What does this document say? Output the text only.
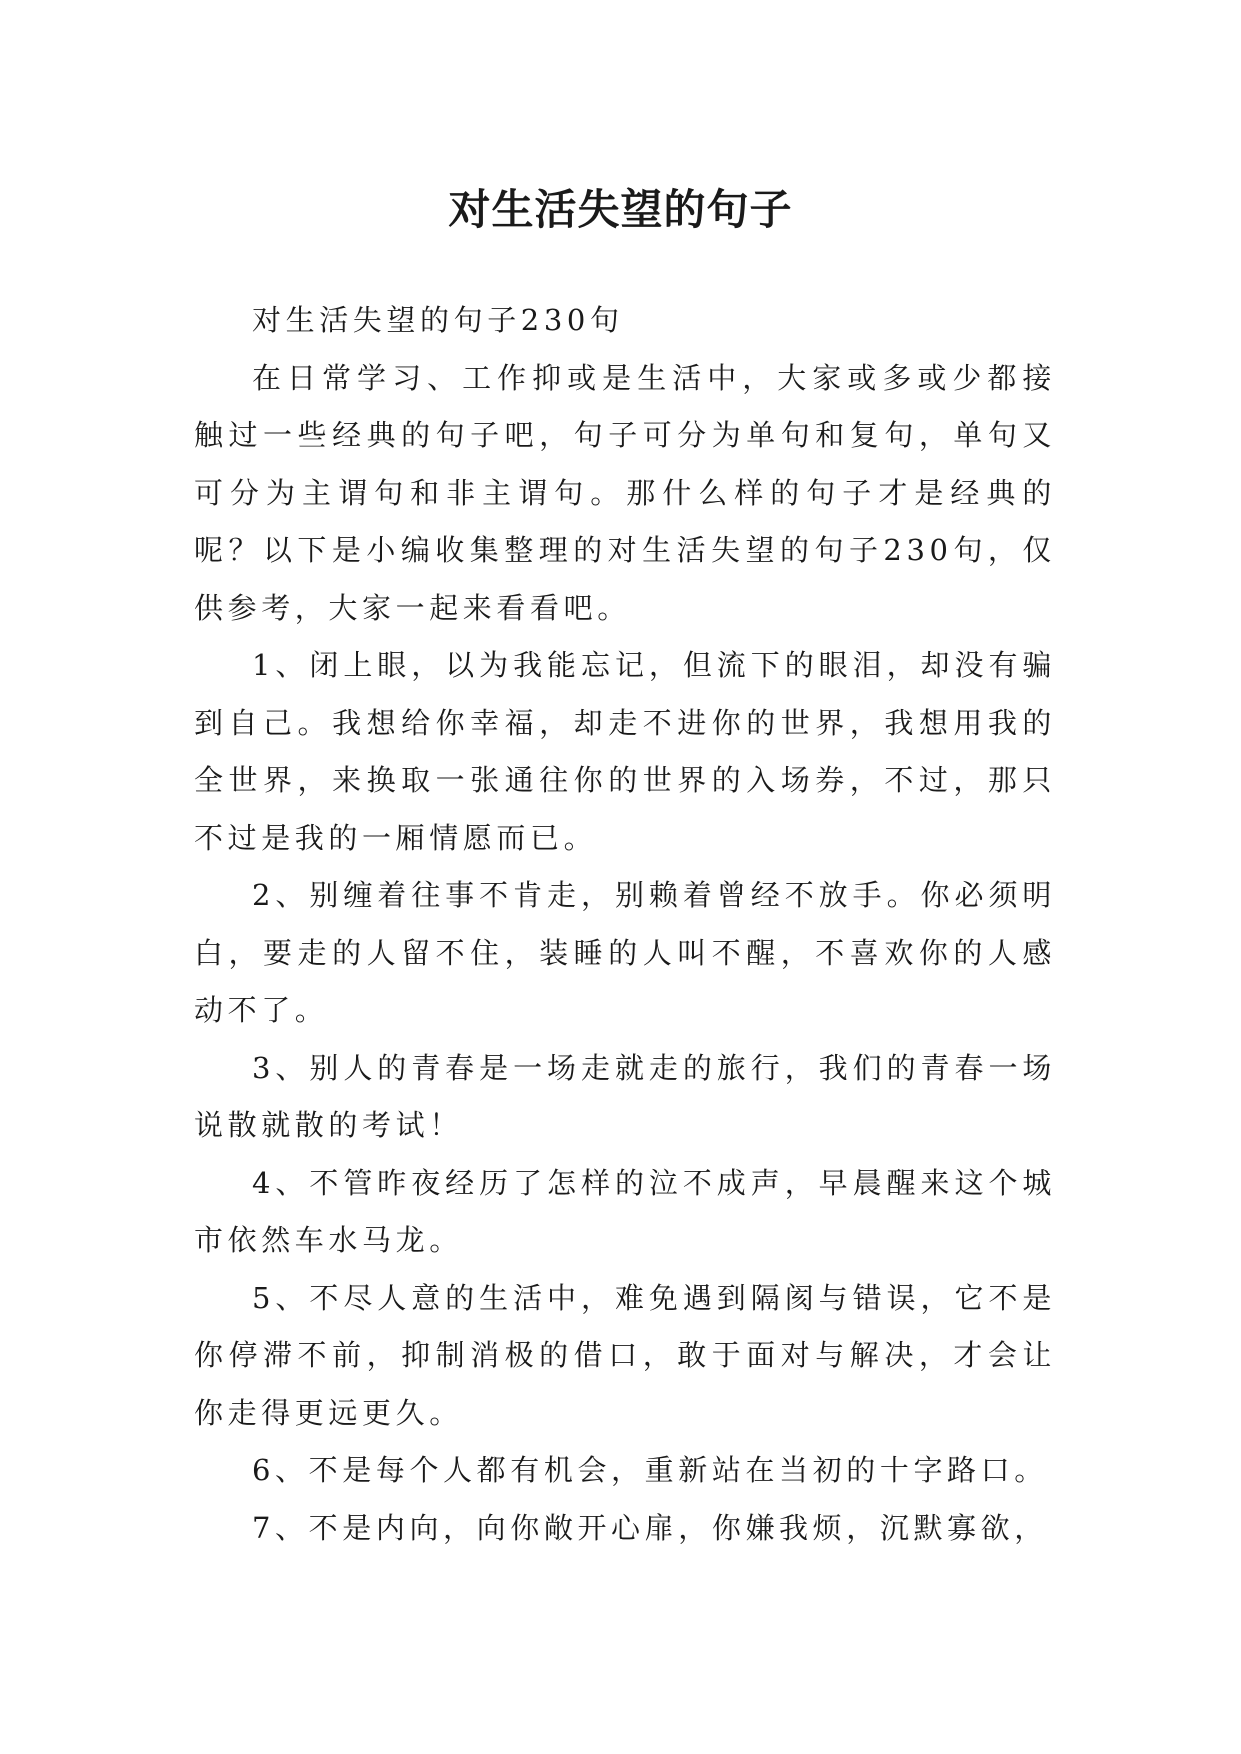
对生活失望的句子

对生活失望的句子230句

在日常学习、工作抑或是生活中，大家或多或少都接触过一些经典的句子吧，句子可分为单句和复句，单句又可分为主谓句和非主谓句。那什么样的句子才是经典的呢？以下是小编收集整理的对生活失望的句子230句，仅供参考，大家一起来看看吧。

1、闭上眼，以为我能忘记，但流下的眼泪，却没有骗到自己。我想给你幸福，却走不进你的世界，我想用我的全世界，来换取一张通往你的世界的入场券，不过，那只不过是我的一厢情愿而已。

2、别缠着往事不肯走，别赖着曾经不放手。你必须明白，要走的人留不住，装睡的人叫不醒，不喜欢你的人感动不了。

3、别人的青春是一场走就走的旅行，我们的青春一场说散就散的考试！

4、不管昨夜经历了怎样的泣不成声，早晨醒来这个城市依然车水马龙。

5、不尽人意的生活中，难免遇到隔阂与错误，它不是你停滞不前，抑制消极的借口，敢于面对与解决，才会让你走得更远更久。

6、不是每个人都有机会，重新站在当初的十字路口。

7、不是内向，向你敞开心扉，你嫌我烦，沉默寡欲，
